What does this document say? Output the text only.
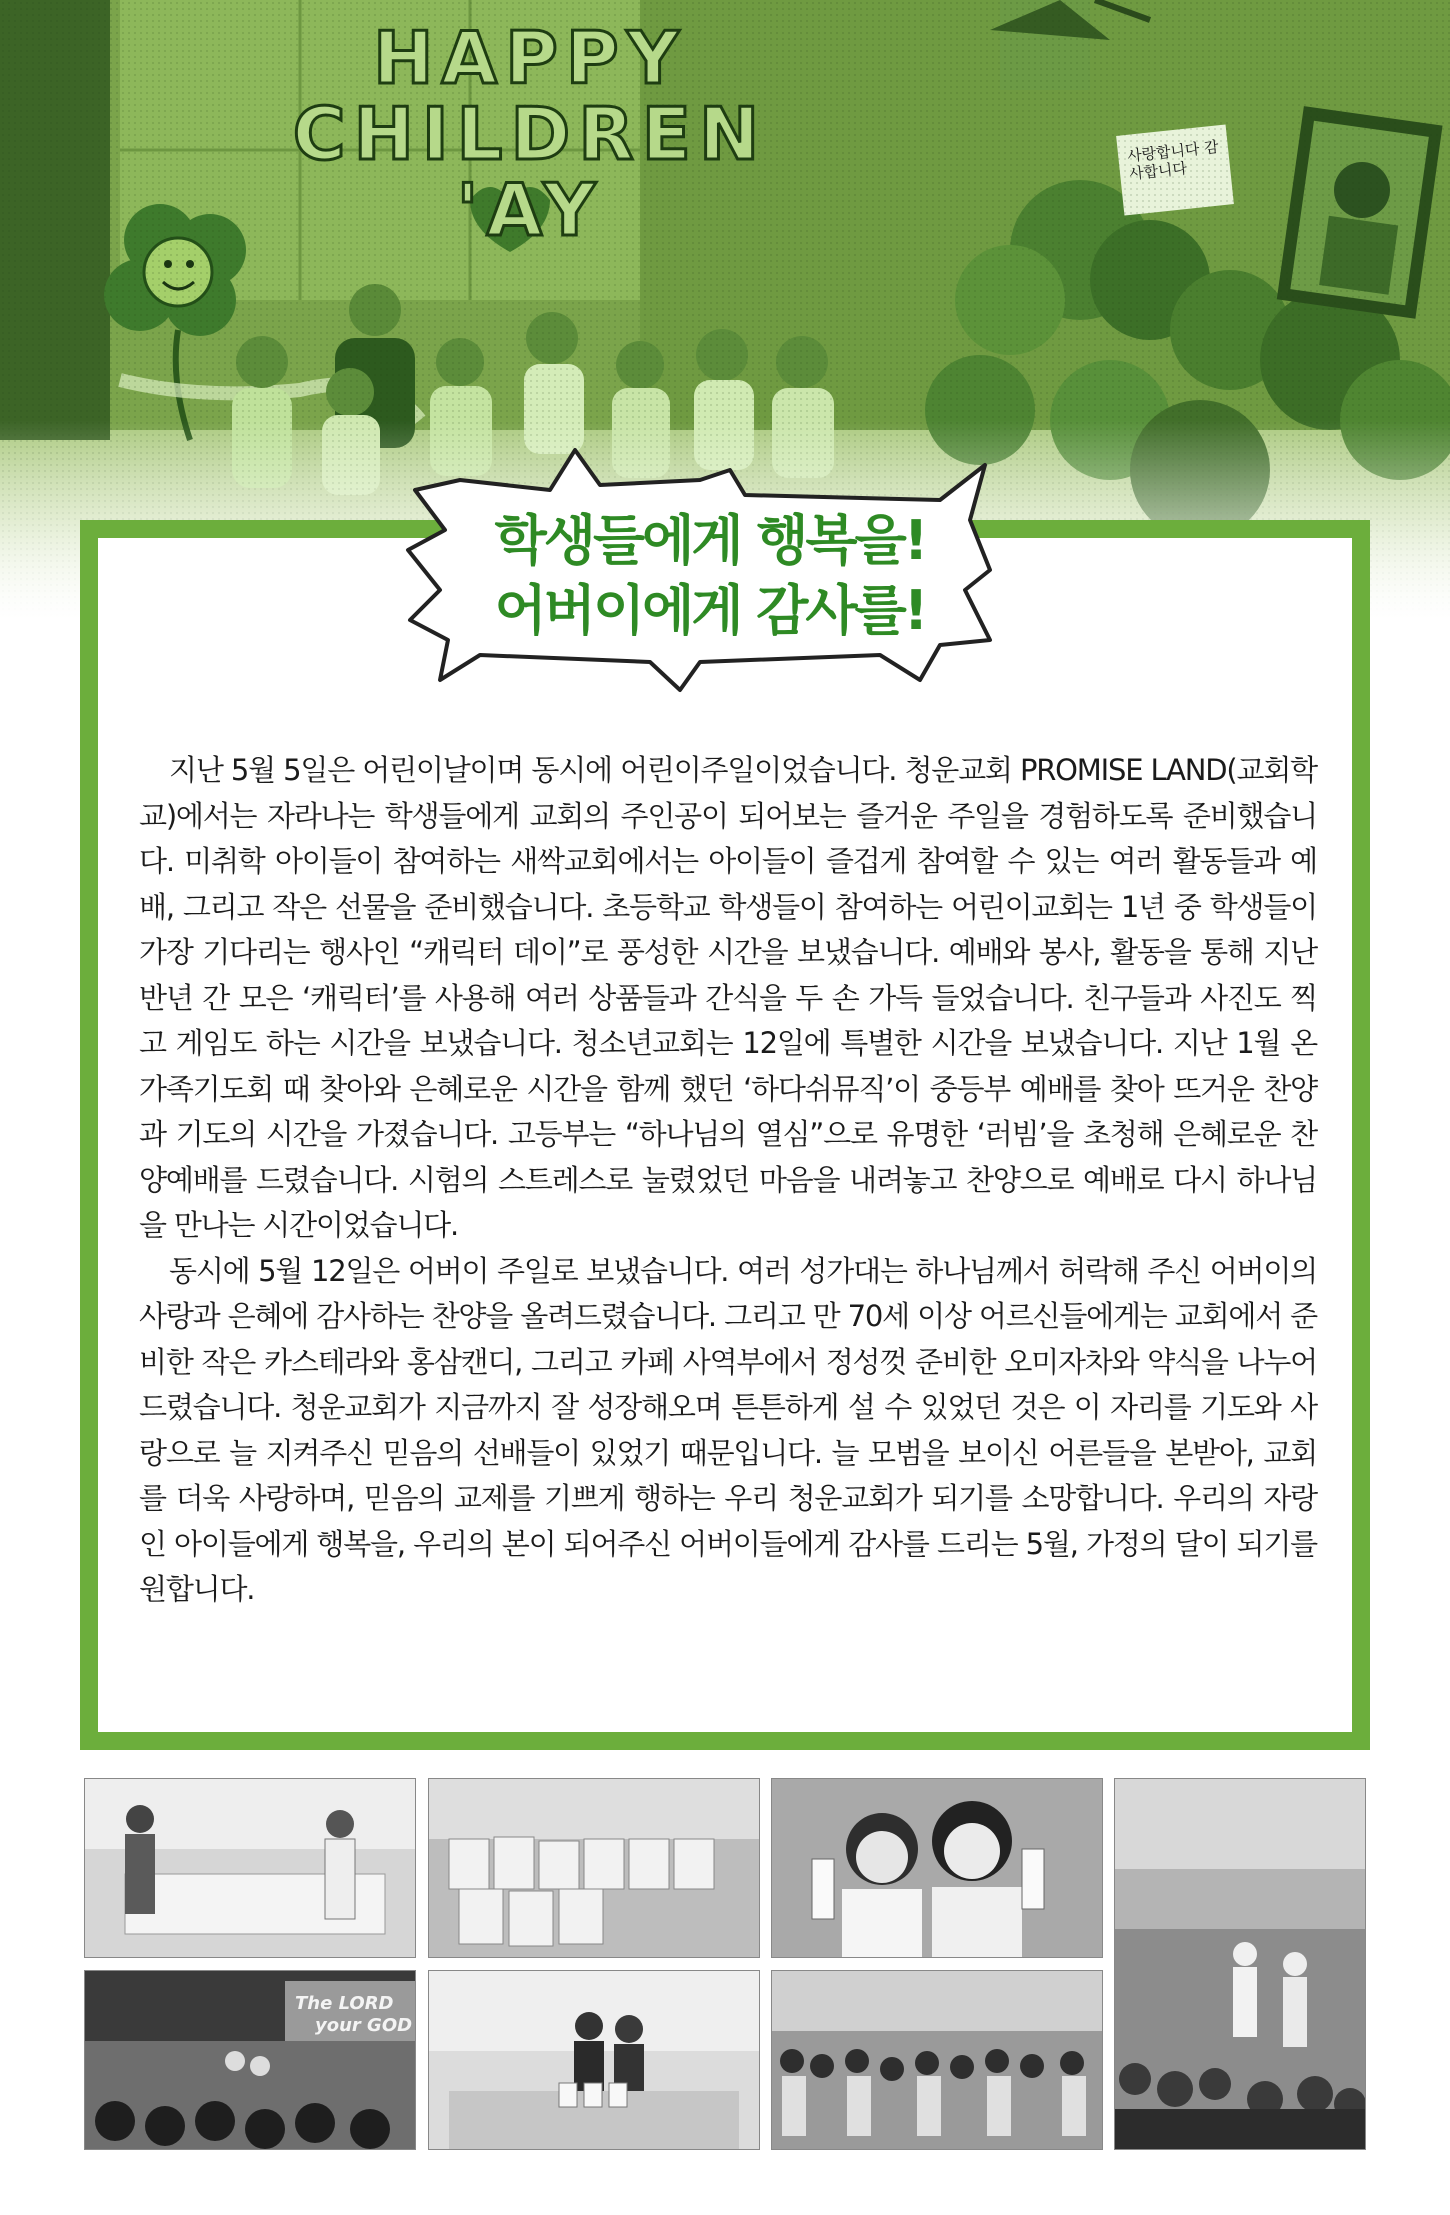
HAPPY
CHILDREN
'AY
사랑합니다 감사합니다
학생들에게 행복을!
어버이에게 감사를!

지난 5월 5일은 어린이날이며 동시에 어린이주일이었습니다. 청운교회 PROMISE LAND(교회학교)에서는 자라나는 학생들에게 교회의 주인공이 되어보는 즐거운 주일을 경험하도록 준비했습니다. 미취학 아이들이 참여하는 새싹교회에서는 아이들이 즐겁게 참여할 수 있는 여러 활동들과 예배, 그리고 작은 선물을 준비했습니다. 초등학교 학생들이 참여하는 어린이교회는 1년 중 학생들이 가장 기다리는 행사인 “캐릭터 데이”로 풍성한 시간을 보냈습니다. 예배와 봉사, 활동을 통해 지난 반년 간 모은 ‘캐릭터’를 사용해 여러 상품들과 간식을 두 손 가득 들었습니다. 친구들과 사진도 찍고 게임도 하는 시간을 보냈습니다. 청소년교회는 12일에 특별한 시간을 보냈습니다. 지난 1월 온가족기도회 때 찾아와 은혜로운 시간을 함께 했던 ‘하다쉬뮤직’이 중등부 예배를 찾아 뜨거운 찬양과 기도의 시간을 가졌습니다. 고등부는 “하나님의 열심”으로 유명한 ‘러빔’을 초청해 은혜로운 찬양예배를 드렸습니다. 시험의 스트레스로 눌렸었던 마음을 내려놓고 찬양으로 예배로 다시 하나님을 만나는 시간이었습니다.

동시에 5월 12일은 어버이 주일로 보냈습니다. 여러 성가대는 하나님께서 허락해 주신 어버이의 사랑과 은혜에 감사하는 찬양을 올려드렸습니다. 그리고 만 70세 이상 어르신들에게는 교회에서 준비한 작은 카스테라와 홍삼캔디, 그리고 카페 사역부에서 정성껏 준비한 오미자차와 약식을 나누어드렸습니다. 청운교회가 지금까지 잘 성장해오며 튼튼하게 설 수 있었던 것은 이 자리를 기도와 사랑으로 늘 지켜주신 믿음의 선배들이 있었기 때문입니다. 늘 모범을 보이신 어른들을 본받아, 교회를 더욱 사랑하며, 믿음의 교제를 기쁘게 행하는 우리 청운교회가 되기를 소망합니다. 우리의 자랑인 아이들에게 행복을, 우리의 본이 되어주신 어버이들에게 감사를 드리는 5월, 가정의 달이 되기를 원합니다.

The LORD
your GOD
